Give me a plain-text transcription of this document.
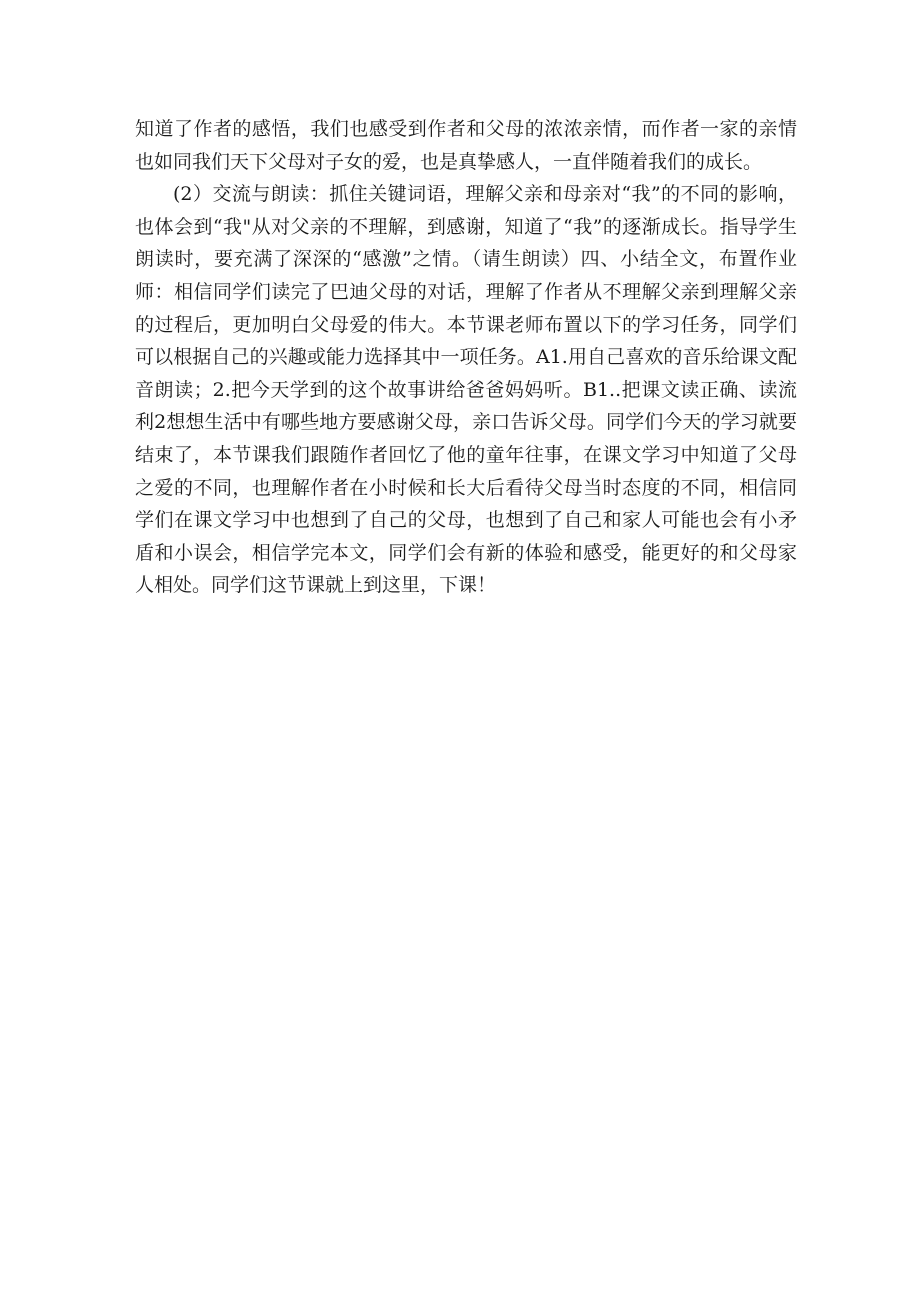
知道了作者的感悟，我们也感受到作者和父母的浓浓亲情，而作者一家的亲情也如同我们天下父母对子女的爱，也是真挚感人，一直伴随着我们的成长。

(2）交流与朗读：抓住关键词语，理解父亲和母亲对“我”的不同的影响，也体会到“我"从对父亲的不理解，到感谢，知道了“我”的逐渐成长。指导学生朗读时，要充满了深深的“感激”之情。（请生朗读）四、小结全文，布置作业师：相信同学们读完了巴迪父母的对话，理解了作者从不理解父亲到理解父亲的过程后，更加明白父母爱的伟大。本节课老师布置以下的学习任务，同学们可以根据自己的兴趣或能力选择其中一项任务。A1.用自己喜欢的音乐给课文配音朗读；2.把今天学到的这个故事讲给爸爸妈妈听。B1..把课文读正确、读流利2想想生活中有哪些地方要感谢父母，亲口告诉父母。同学们今天的学习就要结束了，本节课我们跟随作者回忆了他的童年往事，在课文学习中知道了父母之爱的不同，也理解作者在小时候和长大后看待父母当时态度的不同，相信同学们在课文学习中也想到了自己的父母，也想到了自己和家人可能也会有小矛盾和小误会，相信学完本文，同学们会有新的体验和感受，能更好的和父母家人相处。同学们这节课就上到这里，下课！
